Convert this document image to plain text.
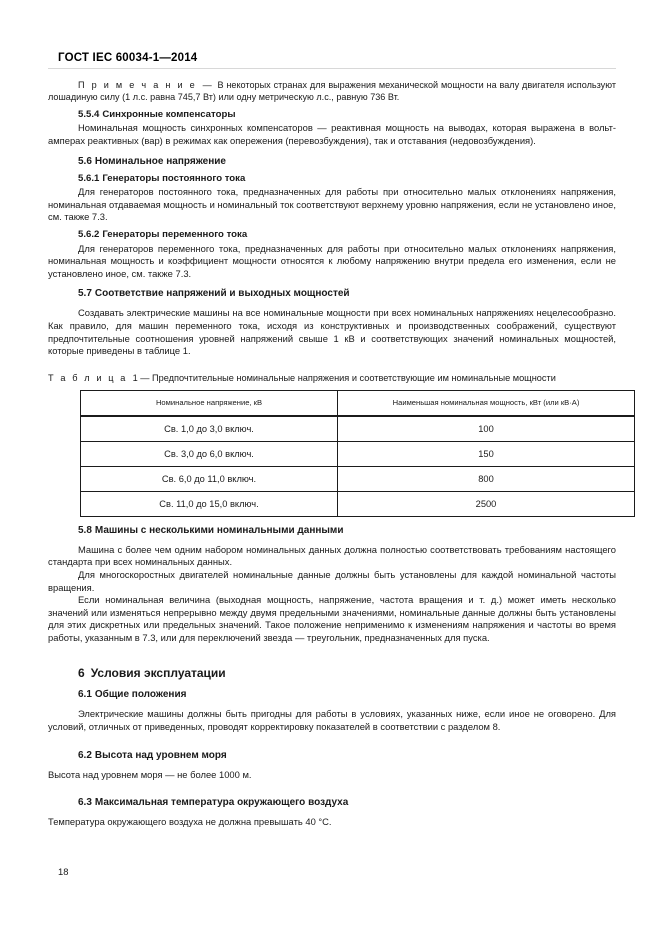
ГОСТ IEC 60034-1—2014

П р и м е ч а н и е — В некоторых странах для выражения механической мощности на валу двигателя используют лошадиную силу (1 л.с. равна 745,7 Вт) или одну метрическую л.с., равную 736 Вт.

5.5.4 Синхронные компенсаторы

Номинальная мощность синхронных компенсаторов — реактивная мощность на выводах, которая выражена в вольт-амперах реактивных (вар) в режимах как опережения (перевозбуждения), так и отставания (недовозбуждения).

5.6 Номинальное напряжение

5.6.1 Генераторы постоянного тока

Для генераторов постоянного тока, предназначенных для работы при относительно малых отклонениях напряжения, номинальная отдаваемая мощность и номинальный ток соответствуют верхнему уровню напряжения, если не установлено иное, см. также 7.3.

5.6.2 Генераторы переменного тока

Для генераторов переменного тока, предназначенных для работы при относительно малых отклонениях напряжения, номинальная мощность и коэффициент мощности относятся к любому напряжению внутри предела его изменения, если не установлено иное, см. также 7.3.

5.7 Соответствие напряжений и выходных мощностей

Создавать электрические машины на все номинальные мощности при всех номинальных напряжениях нецелесообразно. Как правило, для машин переменного тока, исходя из конструктивных и производственных соображений, существуют предпочтительные соотношения уровней напряжений свыше 1 кВ и соответствующих значений номинальных мощностей, которые приведены в таблице 1.

Т а б л и ц а 1 — Предпочтительные номинальные напряжения и соответствующие им номинальные мощности

Номинальное напряжение, кВ	Наименьшая номинальная мощность, кВт (или кВ·А)
Св. 1,0 до 3,0 включ.	100
Св. 3,0 до 6,0 включ.	150
Св. 6,0 до 11,0 включ.	800
Св. 11,0 до 15,0 включ.	2500

5.8 Машины с несколькими номинальными данными

Машина с более чем одним набором номинальных данных должна полностью соответствовать требованиям настоящего стандарта при всех номинальных данных.

Для многоскоростных двигателей номинальные данные должны быть установлены для каждой номинальной частоты вращения.

Если номинальная величина (выходная мощность, напряжение, частота вращения и т. д.) может иметь несколько значений или изменяться непрерывно между двумя предельными значениями, номинальные данные должны быть установлены для этих дискретных или предельных значений. Такое положение неприменимо к изменениям напряжения и частоты во время работы, указанным в 7.3, или для переключений звезда — треугольник, предназначенных для пуска.

6 Условия эксплуатации

6.1 Общие положения

Электрические машины должны быть пригодны для работы в условиях, указанных ниже, если иное не оговорено. Для условий, отличных от приведенных, проводят корректировку показателей в соответствии с разделом 8.

6.2 Высота над уровнем моря

Высота над уровнем моря — не более 1000 м.

6.3 Максимальная температура окружающего воздуха

Температура окружающего воздуха не должна превышать 40 °С.

18
